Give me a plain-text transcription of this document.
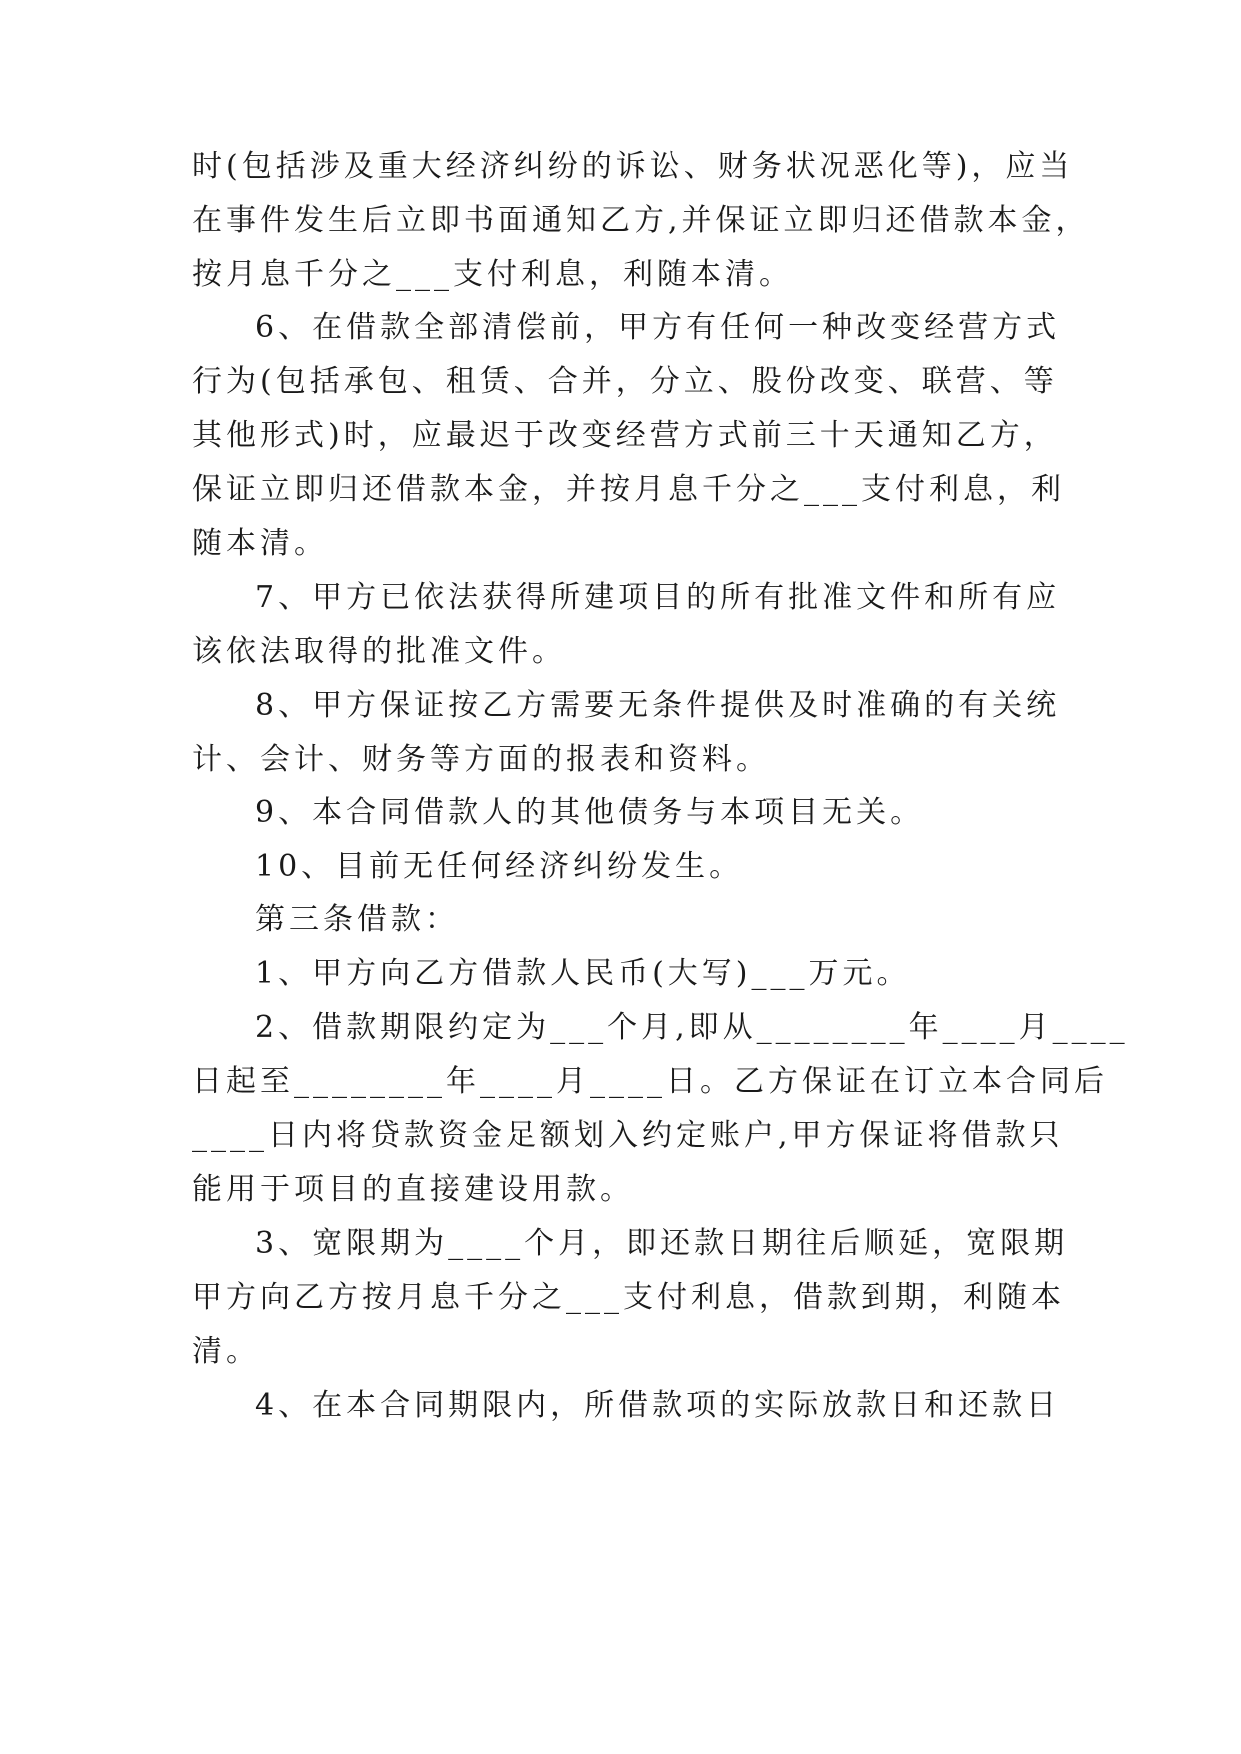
时(包括涉及重大经济纠纷的诉讼、财务状况恶化等)，应当
在事件发生后立即书面通知乙方,并保证立即归还借款本金，
按月息千分之___支付利息，利随本清。
6、在借款全部清偿前，甲方有任何一种改变经营方式
行为(包括承包、租赁、合并，分立、股份改变、联营、等
其他形式)时，应最迟于改变经营方式前三十天通知乙方，
保证立即归还借款本金，并按月息千分之___支付利息，利
随本清。
7、甲方已依法获得所建项目的所有批准文件和所有应
该依法取得的批准文件。
8、甲方保证按乙方需要无条件提供及时准确的有关统
计、会计、财务等方面的报表和资料。
9、本合同借款人的其他债务与本项目无关。
10、目前无任何经济纠纷发生。
第三条借款：
1、甲方向乙方借款人民币(大写)___万元。
2、借款期限约定为___个月,即从________年____月____
日起至________年____月____日。乙方保证在订立本合同后
____日内将贷款资金足额划入约定账户,甲方保证将借款只
能用于项目的直接建设用款。
3、宽限期为____个月，即还款日期往后顺延，宽限期
甲方向乙方按月息千分之___支付利息，借款到期，利随本
清。
4、在本合同期限内，所借款项的实际放款日和还款日
